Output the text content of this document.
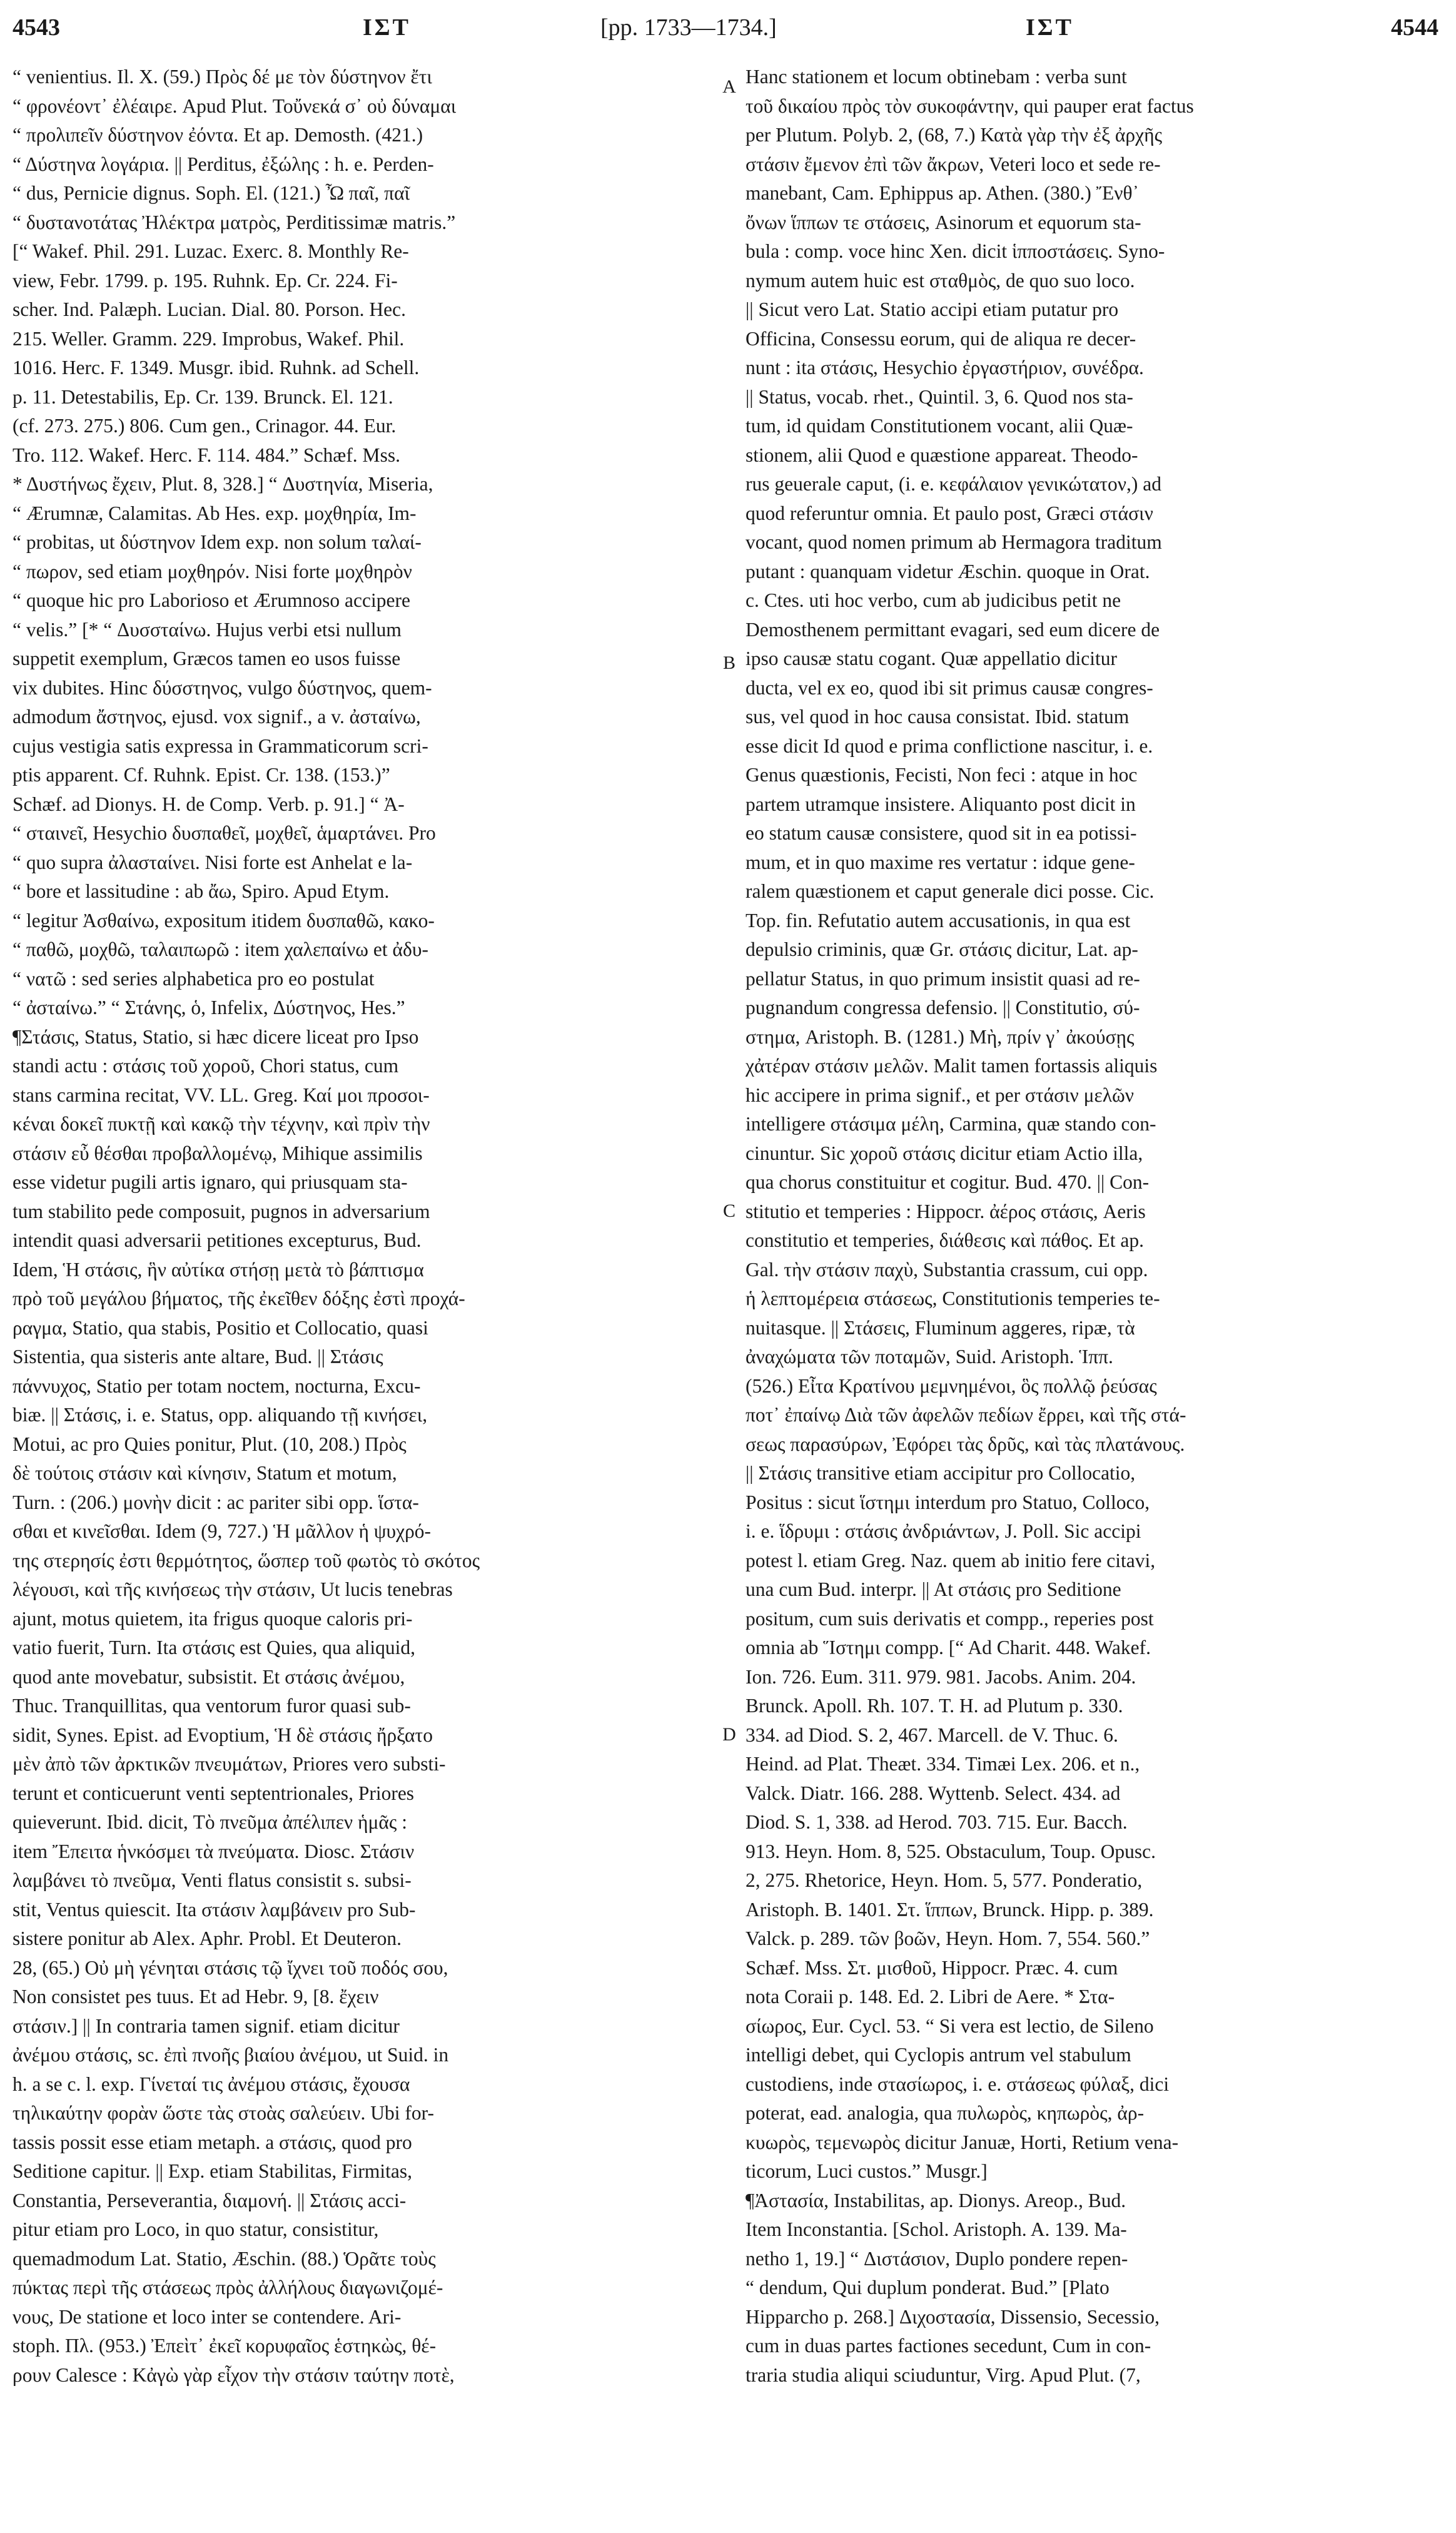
4543	ΙΣΤ	[pp. 1733—1734.]	ΙΣΤ	4544
“ venientius. Il. X. (59.) Πρὸς δέ με τὸν δύστηνον ἔτι
“ φρονέοντ᾽ ἐλέαιρε. Apud Plut. Τοὔνεκά σ᾽ οὐ δύναμαι
“ προλιπεῖν δύστηνον ἐόντα. Et ap. Demosth. (421.)
“ Δύστηνα λογάρια. || Perditus, ἐξώλης : h. e. Perden-
“ dus, Pernicie dignus. Soph. El. (121.) Ὦ παῖ, παῖ
“ δυστανοτάτας Ἠλέκτρα ματρὸς, Perditissimæ matris.”
[“ Wakef. Phil. 291. Luzac. Exerc. 8. Monthly Re-
view, Febr. 1799. p. 195. Ruhnk. Ep. Cr. 224. Fi-
scher. Ind. Palæph. Lucian. Dial. 80. Porson. Hec.
215. Weller. Gramm. 229. Improbus, Wakef. Phil.
1016. Herc. F. 1349. Musgr. ibid. Ruhnk. ad Schell.
p. 11. Detestabilis, Ep. Cr. 139. Brunck. El. 121.
(cf. 273. 275.) 806. Cum gen., Crinagor. 44. Eur.
Tro. 112. Wakef. Herc. F. 114. 484.” Schæf. Mss.
* Δυστήνως ἔχειν, Plut. 8, 328.] “ Δυστηνία, Miseria,
“ Ærumnæ, Calamitas. Ab Hes. exp. μοχθηρία, Im-
“ probitas, ut δύστηνον Idem exp. non solum ταλαί-
“ πωρον, sed etiam μοχθηρόν. Nisi forte μοχθηρὸν
“ quoque hic pro Laborioso et Ærumnoso accipere
“ velis.” [* “ Δυσσταίνω. Hujus verbi etsi nullum
suppetit exemplum, Græcos tamen eo usos fuisse
vix dubites. Hinc δύσστηνος, vulgo δύστηνος, quem-
admodum ἄστηνος, ejusd. vox signif., a v. ἀσταίνω,
cujus vestigia satis expressa in Grammaticorum scri-
ptis apparent. Cf. Ruhnk. Epist. Cr. 138. (153.)”
Schæf. ad Dionys. H. de Comp. Verb. p. 91.] “ Ἀ-
“ σταινεῖ, Hesychio δυσπαθεῖ, μοχθεῖ, ἁμαρτάνει. Pro
“ quo supra ἀλασταίνει. Nisi forte est Anhelat e la-
“ bore et lassitudine : ab ἄω, Spiro. Apud Etym.
“ legitur Ἀσθαίνω, expositum itidem δυσπαθῶ, κακο-
“ παθῶ, μοχθῶ, ταλαιπωρῶ : item χαλεπαίνω et ἀδυ-
“ νατῶ : sed series alphabetica pro eo postulat
“ ἀσταίνω.” “ Στάνης, ὁ, Infelix, Δύστηνος, Hes.”
¶Στάσις, Status, Statio, si hæc dicere liceat pro Ipso
standi actu : στάσις τοῦ χοροῦ, Chori status, cum
stans carmina recitat, VV. LL. Greg. Καί μοι προσοι-
κέναι δοκεῖ πυκτῇ καὶ κακῷ τὴν τέχνην, καὶ πρὶν τὴν
στάσιν εὖ θέσθαι προβαλλομένῳ, Mihique assimilis
esse videtur pugili artis ignaro, qui priusquam sta-
tum stabilito pede composuit, pugnos in adversarium
intendit quasi adversarii petitiones excepturus, Bud.
Idem, Ἡ στάσις, ἣν αὐτίκα στήσῃ μετὰ τὸ βάπτισμα
πρὸ τοῦ μεγάλου βήματος, τῆς ἐκεῖθεν δόξης ἐστὶ προχά-
ραγμα, Statio, qua stabis, Positio et Collocatio, quasi
Sistentia, qua sisteris ante altare, Bud. || Στάσις
πάννυχος, Statio per totam noctem, nocturna, Excu-
biæ. || Στάσις, i. e. Status, opp. aliquando τῇ κινήσει,
Motui, ac pro Quies ponitur, Plut. (10, 208.) Πρὸς
δὲ τούτοις στάσιν καὶ κίνησιν, Statum et motum,
Turn. : (206.) μονὴν dicit : ac pariter sibi opp. ἵστα-
σθαι et κινεῖσθαι. Idem (9, 727.) Ἡ μᾶλλον ἡ ψυχρό-
της στερησίς ἐστι θερμότητος, ὥσπερ τοῦ φωτὸς τὸ σκότος
λέγουσι, καὶ τῆς κινήσεως τὴν στάσιν, Ut lucis tenebras
ajunt, motus quietem, ita frigus quoque caloris pri-
vatio fuerit, Turn. Ita στάσις est Quies, qua aliquid,
quod ante movebatur, subsistit. Et στάσις ἀνέμου,
Thuc. Tranquillitas, qua ventorum furor quasi sub-
sidit, Synes. Epist. ad Evoptium, Ἡ δὲ στάσις ἤρξατο
μὲν ἀπὸ τῶν ἀρκτικῶν πνευμάτων, Priores vero substi-
terunt et conticuerunt venti septentrionales, Priores
quieverunt. Ibid. dicit, Τὸ πνεῦμα ἀπέλιπεν ἡμᾶς :
item Ἔπειτα ἡνκόσμει τὰ πνεύματα. Diosc. Στάσιν
λαμβάνει τὸ πνεῦμα, Venti flatus consistit s. subsi-
stit, Ventus quiescit. Ita στάσιν λαμβάνειν pro Sub-
sistere ponitur ab Alex. Aphr. Probl. Et Deuteron.
28, (65.) Οὐ μὴ γένηται στάσις τῷ ἴχνει τοῦ ποδός σου,
Non consistet pes tuus. Et ad Hebr. 9, [8. ἔχειν
στάσιν.] || In contraria tamen signif. etiam dicitur
ἀνέμου στάσις, sc. ἐπὶ πνοῆς βιαίου ἀνέμου, ut Suid. in
h. a se c. l. exp. Γίνεταί τις ἀνέμου στάσις, ἔχουσα
τηλικαύτην φορὰν ὥστε τὰς στοὰς σαλεύειν. Ubi for-
tassis possit esse etiam metaph. a στάσις, quod pro
Seditione capitur. || Exp. etiam Stabilitas, Firmitas,
Constantia, Perseverantia, διαμονή. || Στάσις acci-
pitur etiam pro Loco, in quo statur, consistitur,
quemadmodum Lat. Statio, Æschin. (88.) Ὁρᾶτε τοὺς
πύκτας περὶ τῆς στάσεως πρὸς ἀλλήλους διαγωνιζομέ-
νους, De statione et loco inter se contendere. Ari-
stoph. Πλ. (953.) Ἐπεὶτ᾽ ἐκεῖ κορυφαῖος ἑστηκὼς, θέ-
ρουν Calesce : Κἀγὼ γὰρ εἶχον τὴν στάσιν ταύτην ποτὲ,
Hanc stationem et locum obtinebam : verba sunt
τοῦ δικαίου πρὸς τὸν συκοφάντην, qui pauper erat factus
per Plutum. Polyb. 2, (68, 7.) Κατὰ γὰρ τὴν ἐξ ἀρχῆς
στάσιν ἔμενον ἐπὶ τῶν ἄκρων, Veteri loco et sede re-
manebant, Cam. Ephippus ap. Athen. (380.) Ἔνθ᾽
ὄνων ἵππων τε στάσεις, Asinorum et equorum sta-
bula : comp. voce hinc Xen. dicit ἱπποστάσεις. Syno-
nymum autem huic est σταθμὸς, de quo suo loco.
|| Sicut vero Lat. Statio accipi etiam putatur pro
Officina, Consessu eorum, qui de aliqua re decer-
nunt : ita στάσις, Hesychio ἐργαστήριον, συνέδρα.
|| Status, vocab. rhet., Quintil. 3, 6. Quod nos sta-
tum, id quidam Constitutionem vocant, alii Quæ-
stionem, alii Quod e quæstione appareat. Theodo-
rus geuerale caput, (i. e. κεφάλαιον γενικώτατον,) ad
quod referuntur omnia. Et paulo post, Græci στάσιν
vocant, quod nomen primum ab Hermagora traditum
putant : quanquam videtur Æschin. quoque in Orat.
c. Ctes. uti hoc verbo, cum ab judicibus petit ne
Demosthenem permittant evagari, sed eum dicere de
ipso causæ statu cogant. Quæ appellatio dicitur
ducta, vel ex eo, quod ibi sit primus causæ congres-
sus, vel quod in hoc causa consistat. Ibid. statum
esse dicit Id quod e prima conflictione nascitur, i. e.
Genus quæstionis, Fecisti, Non feci : atque in hoc
partem utramque insistere. Aliquanto post dicit in
eo statum causæ consistere, quod sit in ea potissi-
mum, et in quo maxime res vertatur : idque gene-
ralem quæstionem et caput generale dici posse. Cic.
Top. fin. Refutatio autem accusationis, in qua est
depulsio criminis, quæ Gr. στάσις dicitur, Lat. ap-
pellatur Status, in quo primum insistit quasi ad re-
pugnandum congressa defensio. || Constitutio, σύ-
στημα, Aristoph. B. (1281.) Μὴ, πρίν γ᾽ ἀκούσῃς
χἀτέραν στάσιν μελῶν. Malit tamen fortassis aliquis
hic accipere in prima signif., et per στάσιν μελῶν
intelligere στάσιμα μέλη, Carmina, quæ stando con-
cinuntur. Sic χοροῦ στάσις dicitur etiam Actio illa,
qua chorus constituitur et cogitur. Bud. 470. || Con-
stitutio et temperies : Hippocr. ἀέρος στάσις, Aeris
constitutio et temperies, διάθεσις καὶ πάθος. Et ap.
Gal. τὴν στάσιν παχὺ, Substantia crassum, cui opp.
ἡ λεπτομέρεια στάσεως, Constitutionis temperies te-
nuitasque. || Στάσεις, Fluminum aggeres, ripæ, τὰ
ἀναχώματα τῶν ποταμῶν, Suid. Aristoph. Ἱππ.
(526.) Εἶτα Κρατίνου μεμνημένοι, ὃς πολλῷ ῥεύσας
ποτ᾽ ἐπαίνῳ Διὰ τῶν ἀφελῶν πεδίων ἔρρει, καὶ τῆς στά-
σεως παρασύρων, Ἐφόρει τὰς δρῦς, καὶ τὰς πλατάνους.
|| Στάσις transitive etiam accipitur pro Collocatio,
Positus : sicut ἵστημι interdum pro Statuo, Colloco,
i. e. ἵδρυμι : στάσις ἀνδριάντων, J. Poll. Sic accipi
potest l. etiam Greg. Naz. quem ab initio fere citavi,
una cum Bud. interpr. || At στάσις pro Seditione
positum, cum suis derivatis et compp., reperies post
omnia ab Ἵστημι compp. [“ Ad Charit. 448. Wakef.
Ion. 726. Eum. 311. 979. 981. Jacobs. Anim. 204.
Brunck. Apoll. Rh. 107. T. H. ad Plutum p. 330.
334. ad Diod. S. 2, 467. Marcell. de V. Thuc. 6.
Heind. ad Plat. Theæt. 334. Timæi Lex. 206. et n.,
Valck. Diatr. 166. 288. Wyttenb. Select. 434. ad
Diod. S. 1, 338. ad Herod. 703. 715. Eur. Bacch.
913. Heyn. Hom. 8, 525. Obstaculum, Toup. Opusc.
2, 275. Rhetorice, Heyn. Hom. 5, 577. Ponderatio,
Aristoph. B. 1401. Στ. ἵππων, Brunck. Hipp. p. 389.
Valck. p. 289. τῶν βοῶν, Heyn. Hom. 7, 554. 560.”
Schæf. Mss. Στ. μισθοῦ, Hippocr. Præc. 4. cum
nota Coraii p. 148. Ed. 2. Libri de Aere. * Στα-
σίωρος, Eur. Cycl. 53. “ Si vera est lectio, de Sileno
intelligi debet, qui Cyclopis antrum vel stabulum
custodiens, inde στασίωρος, i. e. στάσεως φύλαξ, dici
poterat, ead. analogia, qua πυλωρὸς, κηπωρὸς, ἀρ-
κυωρὸς, τεμενωρὸς dicitur Januæ, Horti, Retium vena-
ticorum, Luci custos.” Musgr.]
¶Ἀστασία, Instabilitas, ap. Dionys. Areop., Bud.
Item Inconstantia. [Schol. Aristoph. A. 139. Ma-
netho 1, 19.] “ Διστάσιον, Duplo pondere repen-
“ dendum, Qui duplum ponderat. Bud.” [Plato
Hipparcho p. 268.] Διχοστασία, Dissensio, Secessio,
cum in duas partes factiones secedunt, Cum in con-
traria studia aliqui sciuduntur, Virg. Apud Plut. (7,
A
B
C
D
